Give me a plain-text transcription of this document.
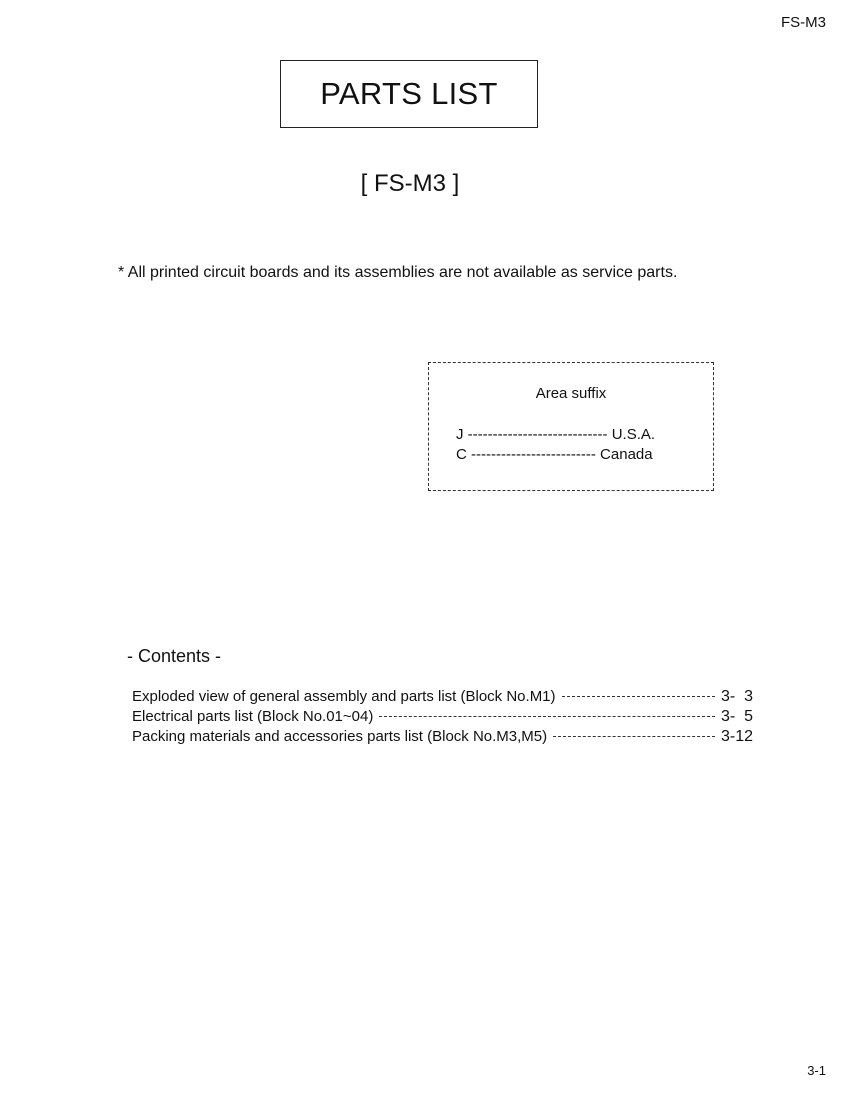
FS-M3
PARTS LIST
[ FS-M3 ]
* All printed circuit boards and its assemblies are not available as service parts.
Area suffix
J ---------------------------- U.S.A.
C ------------------------- Canada
- Contents -
Exploded view of general assembly and parts list (Block No.M1)	3-  3
Electrical parts list (Block No.01~04)	3-  5
Packing materials and accessories parts list (Block No.M3,M5)	3-12
3-1
